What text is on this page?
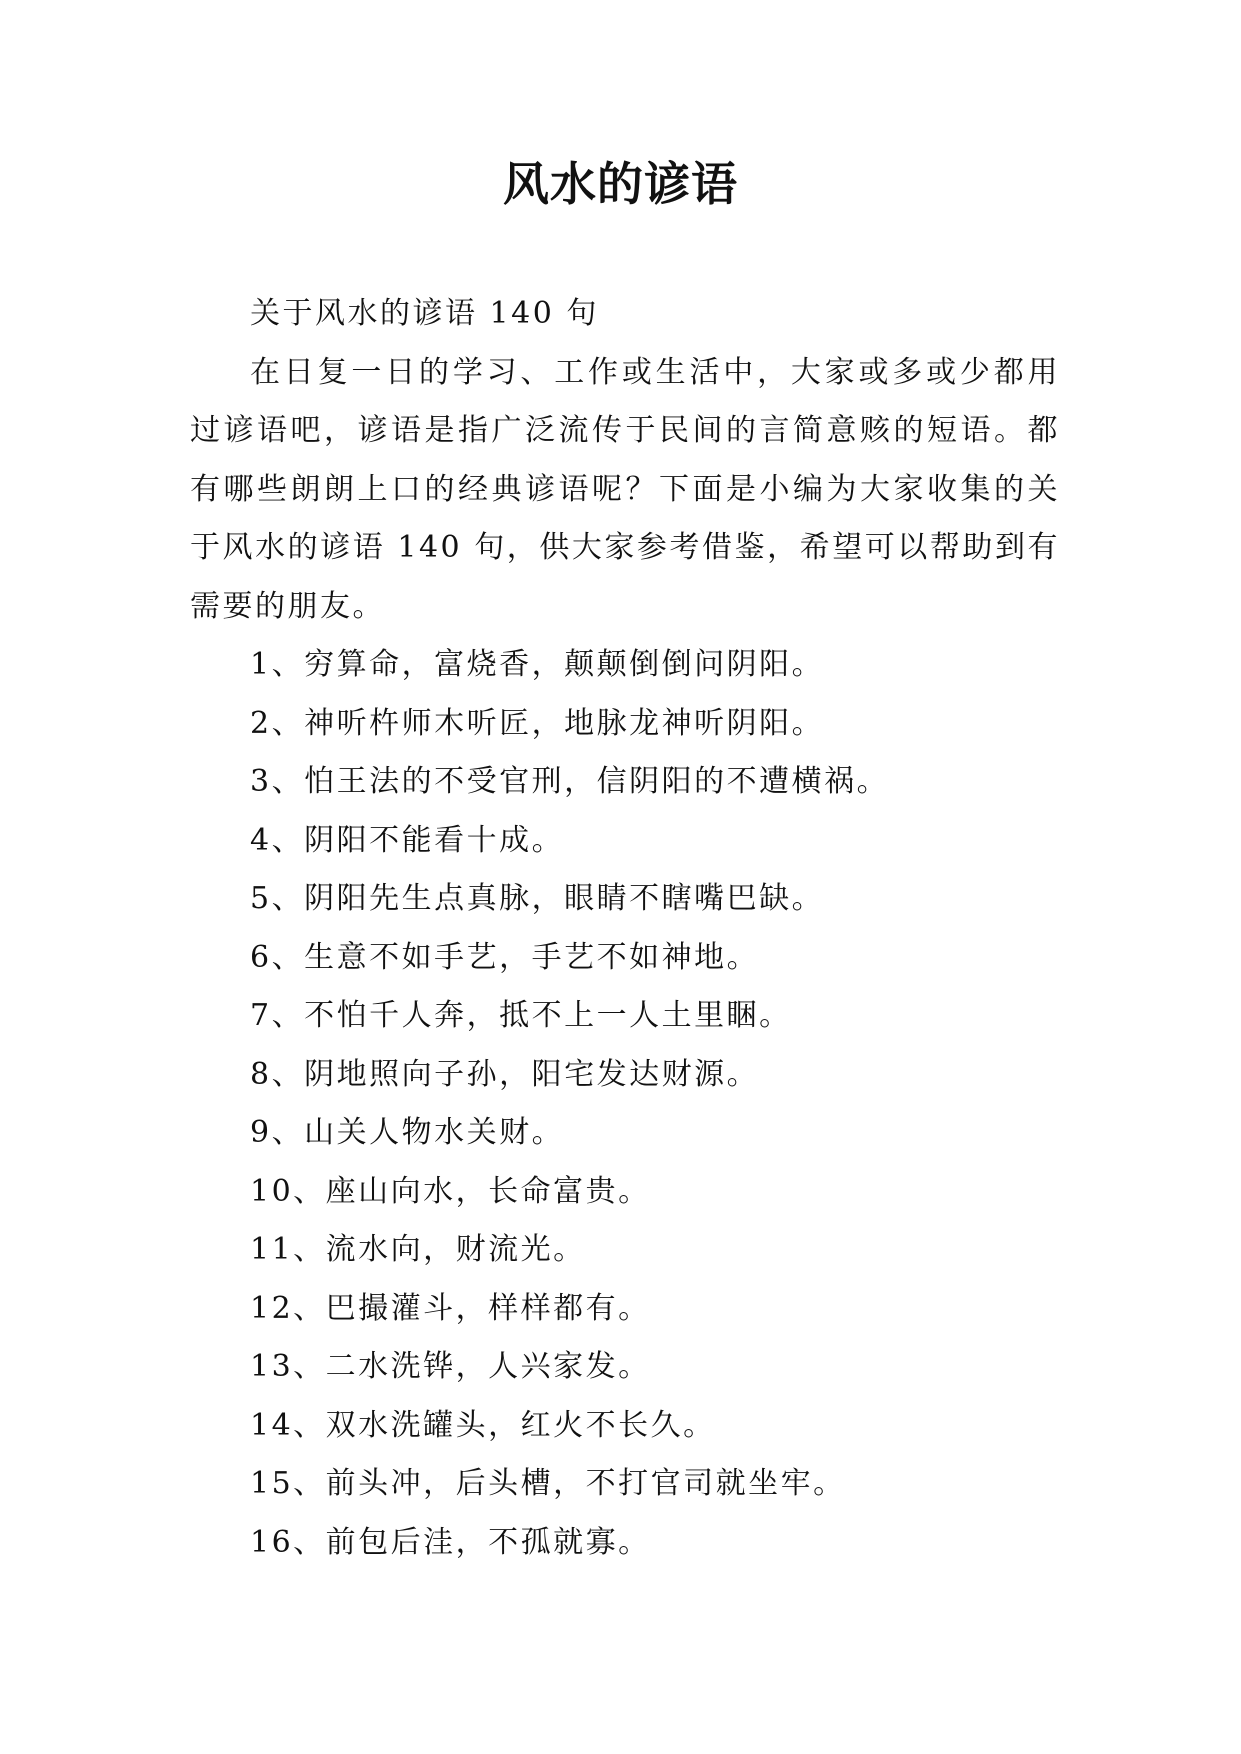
风水的谚语

关于风水的谚语 140 句

在日复一日的学习、工作或生活中，大家或多或少都用过谚语吧，谚语是指广泛流传于民间的言简意赅的短语。都有哪些朗朗上口的经典谚语呢？下面是小编为大家收集的关于风水的谚语 140 句，供大家参考借鉴，希望可以帮助到有需要的朋友。

1、穷算命，富烧香，颠颠倒倒问阴阳。
2、神听杵师木听匠，地脉龙神听阴阳。
3、怕王法的不受官刑，信阴阳的不遭横祸。
4、阴阳不能看十成。
5、阴阳先生点真脉，眼睛不瞎嘴巴缺。
6、生意不如手艺，手艺不如神地。
7、不怕千人奔，抵不上一人土里睏。
8、阴地照向子孙，阳宅发达财源。
9、山关人物水关财。
10、座山向水，长命富贵。
11、流水向，财流光。
12、巴撮灌斗，样样都有。
13、二水洗铧，人兴家发。
14、双水洗罐头，红火不长久。
15、前头冲，后头槽，不打官司就坐牢。
16、前包后洼，不孤就寡。
